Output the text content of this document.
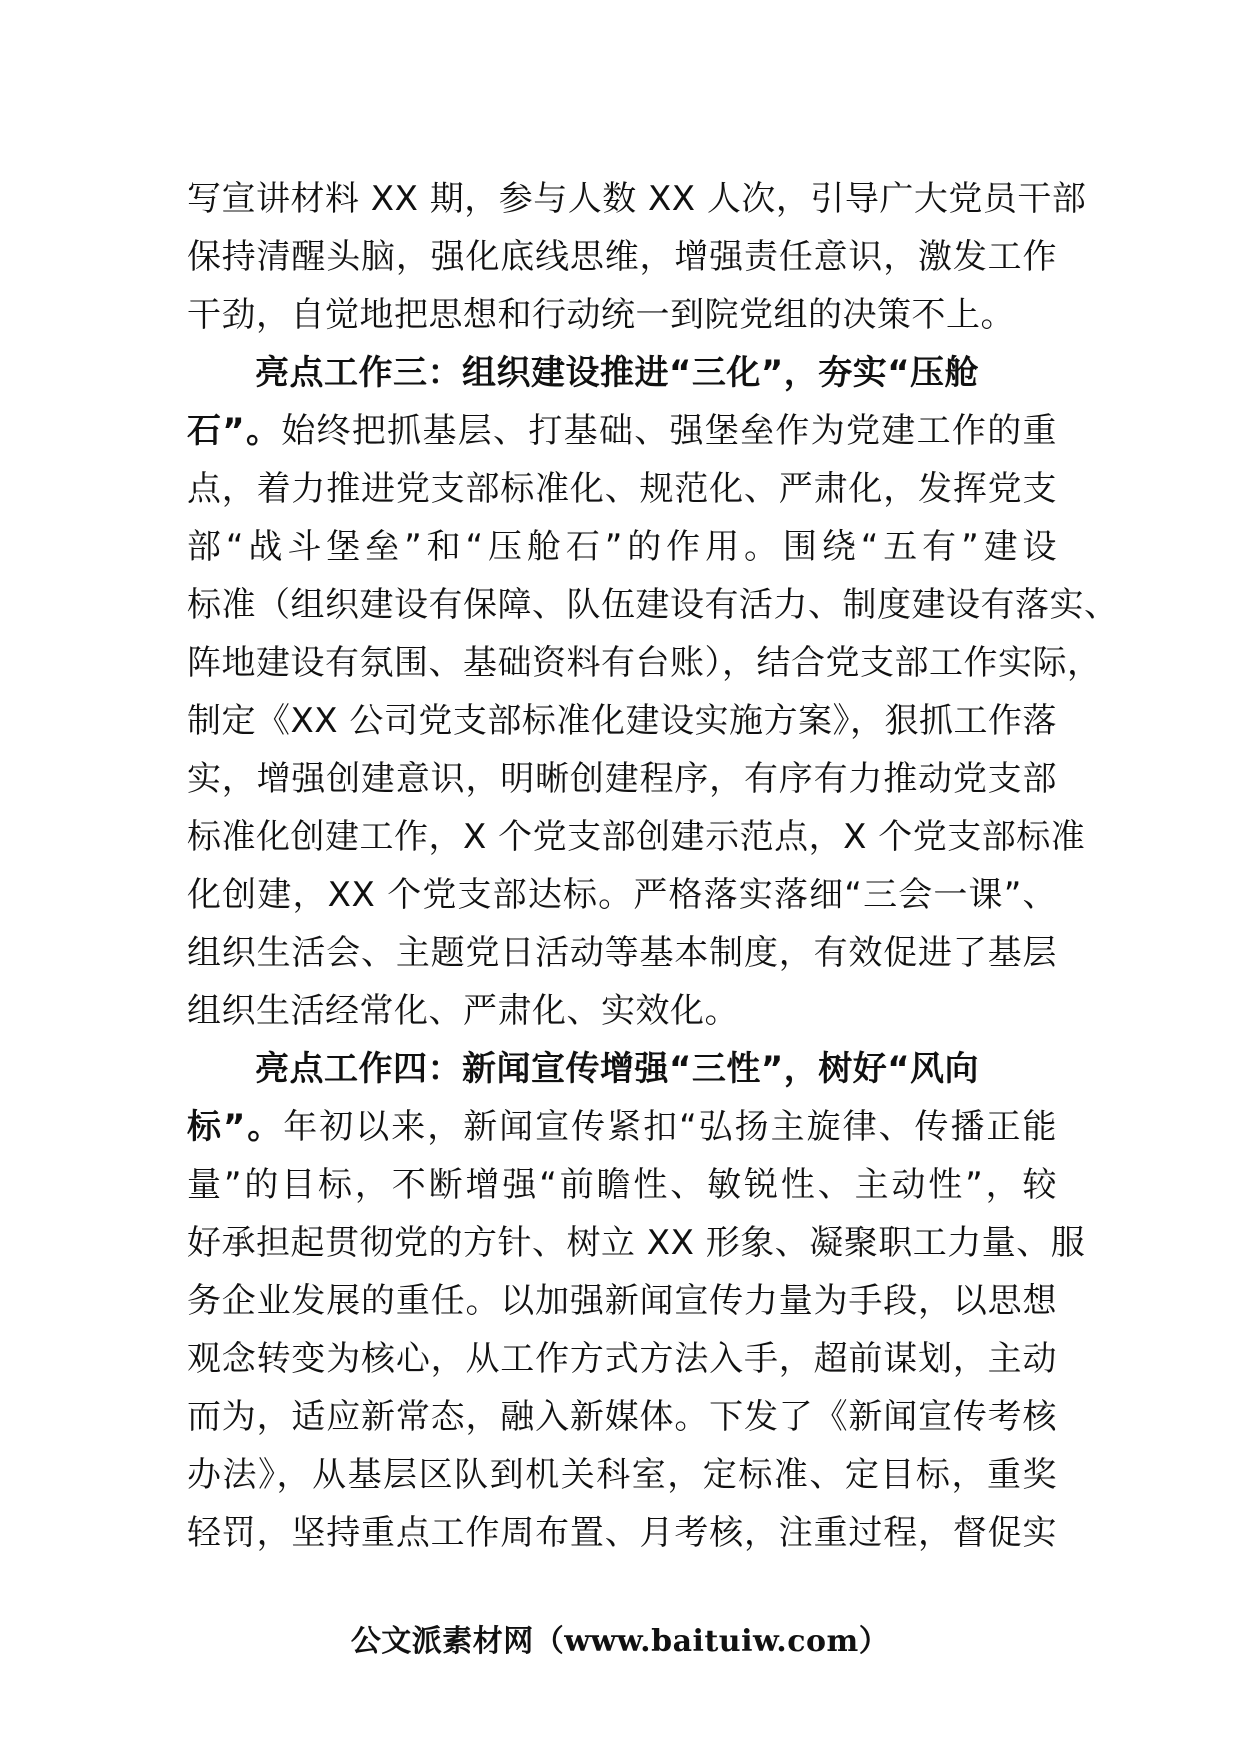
写宣讲材料 XX 期，参与人数 XX 人次，引导广大党员干部
保持清醒头脑，强化底线思维，增强责任意识，激发工作
干劲，自觉地把思想和行动统一到院党组的决策不上。
亮点工作三：组织建设推进“三化”，夯实“压舱
石”。始终把抓基层、打基础、强堡垒作为党建工作的重
点，着力推进党支部标准化、规范化、严肃化，发挥党支
部“战斗堡垒”和“压舱石”的作用。围绕“五有”建设
标准（组织建设有保障、队伍建设有活力、制度建设有落实、
阵地建设有氛围、基础资料有台账），结合党支部工作实际，
制定《XX 公司党支部标准化建设实施方案》，狠抓工作落
实，增强创建意识，明晰创建程序，有序有力推动党支部
标准化创建工作，X 个党支部创建示范点，X 个党支部标准
化创建，XX 个党支部达标。严格落实落细“三会一课”、
组织生活会、主题党日活动等基本制度，有效促进了基层
组织生活经常化、严肃化、实效化。
亮点工作四：新闻宣传增强“三性”，树好“风向
标”。年初以来，新闻宣传紧扣“弘扬主旋律、传播正能
量”的目标，不断增强“前瞻性、敏锐性、主动性”，较
好承担起贯彻党的方针、树立 XX 形象、凝聚职工力量、服
务企业发展的重任。以加强新闻宣传力量为手段，以思想
观念转变为核心，从工作方式方法入手，超前谋划，主动
而为，适应新常态，融入新媒体。下发了《新闻宣传考核
办法》，从基层区队到机关科室，定标准、定目标，重奖
轻罚，坚持重点工作周布置、月考核，注重过程，督促实
公文派素材网（www.baituiw.com）
